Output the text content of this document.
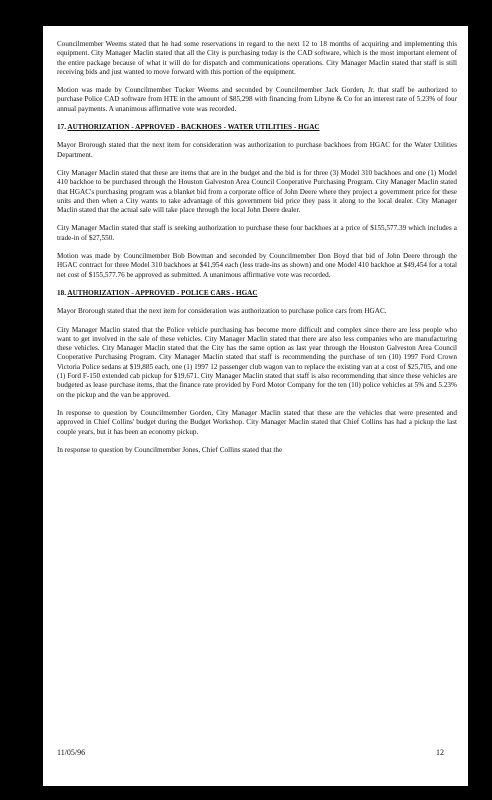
Councilmember Weems stated that he had some reservations in regard to the next 12 to 18 months of acquiring and implementing this equipment. City Manager Maclin stated that all the City is purchasing today is the CAD software, which is the most important element of the entire package because of what it will do for dispatch and communications operations. City Manager Maclin stated that staff is still receiving bids and just wanted to move forward with this portion of the equipment.

Motion was made by Councilmember Tucker Weems and seconded by Councilmember Jack Gorden, Jr. that staff be authorized to purchase Police CAD software from HTE in the amount of $85,298 with financing from Libyne & Co for an interest rate of 5.23% of four annual payments. A unanimous affirmative vote was recorded.

17. AUTHORIZATION - APPROVED - BACKHOES - WATER UTILITIES - HGAC

Mayor Brorough stated that the next item for consideration was authorization to purchase backhoes from HGAC for the Water Utilities Department.

City Manager Maclin stated that these are items that are in the budget and the bid is for three (3) Model 310 backhoes and one (1) Model 410 backhoe to be purchased through the Houston Galveston Area Council Cooperative Purchasing Program. City Manager Maclin stated that HGAC's purchasing program was a blanket bid from a corporate office of John Deere where they project a government price for these units and then when a City wants to take advantage of this government bid price they pass it along to the local dealer. City Manager Maclin stated that the actual sale will take place through the local John Deere dealer.

City Manager Maclin stated that staff is seeking authorization to purchase these four backhoes at a price of $155,577.39 which includes a trade-in of $27,550.

Motion was made by Councilmember Bob Bowman and seconded by Councilmember Don Boyd that bid of John Deere through the HGAC contract for three Model 310 backhoes at $41,954 each (less trade-ins as shown) and one Model 410 backhoe at $49,454 for a total net cost of $155,577.76 be approved as submitted. A unanimous affirmative vote was recorded.

18. AUTHORIZATION - APPROVED - POLICE CARS - HGAC

Mayor Brorough stated that the next item for consideration was authorization to purchase police cars from HGAC.

City Manager Maclin stated that the Police vehicle purchasing has become more difficult and complex since there are less people who want to get involved in the sale of these vehicles. City Manager Maclin stated that there are also less companies who are manufacturing these vehicles. City Manager Maclin stated that the City has the same option as last year through the Houston Galveston Area Council Cooperative Purchasing Program. City Manager Maclin stated that staff is recommending the purchase of ten (10) 1997 Ford Crown Victoria Police sedans at $19,885 each, one (1) 1997 12 passenger club wagon van to replace the existing van at a cost of $25,705, and one (1) Ford F-150 extended cab pickup for $19,671. City Manager Maclin stated that staff is also recommending that since these vehicles are budgeted as lease purchase items, that the finance rate provided by Ford Motor Company for the ten (10) police vehicles at 5% and 5.23% on the pickup and the van be approved.

In response to question by Councilmember Gorden, City Manager Maclin stated that these are the vehicles that were presented and approved in Chief Collins' budget during the Budget Workshop. City Manager Maclin stated that Chief Collins has had a pickup the last couple years, but it has been an economy pickup.

In response to question by Councilmember Jones, Chief Collins stated that the

11/05/96	12
